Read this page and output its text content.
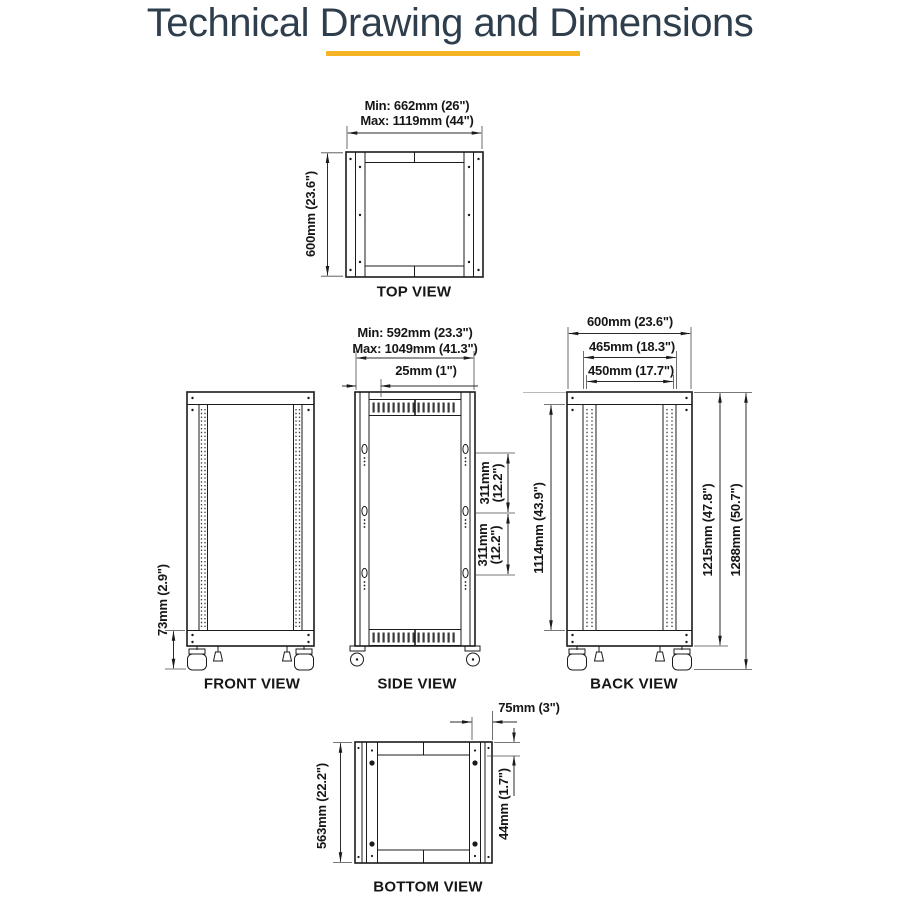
Technical Drawing and Dimensions
Min: 662mm (26")
Max: 1119mm (44")
600mm (23.6")
TOP VIEW
73mm (2.9")
FRONT VIEW
Min: 592mm (23.3")
Max: 1049mm (41.3")
25mm (1")
311mm
(12.2")
311mm
(12.2")
SIDE VIEW
600mm (23.6")
465mm (18.3")
450mm (17.7")
1114mm (43.9")	1215mm (47.8") 1288mm (50.7")
BACK VIEW
75mm (3")
563mm (22.2")	44mm (1.7")
BOTTOM VIEW
